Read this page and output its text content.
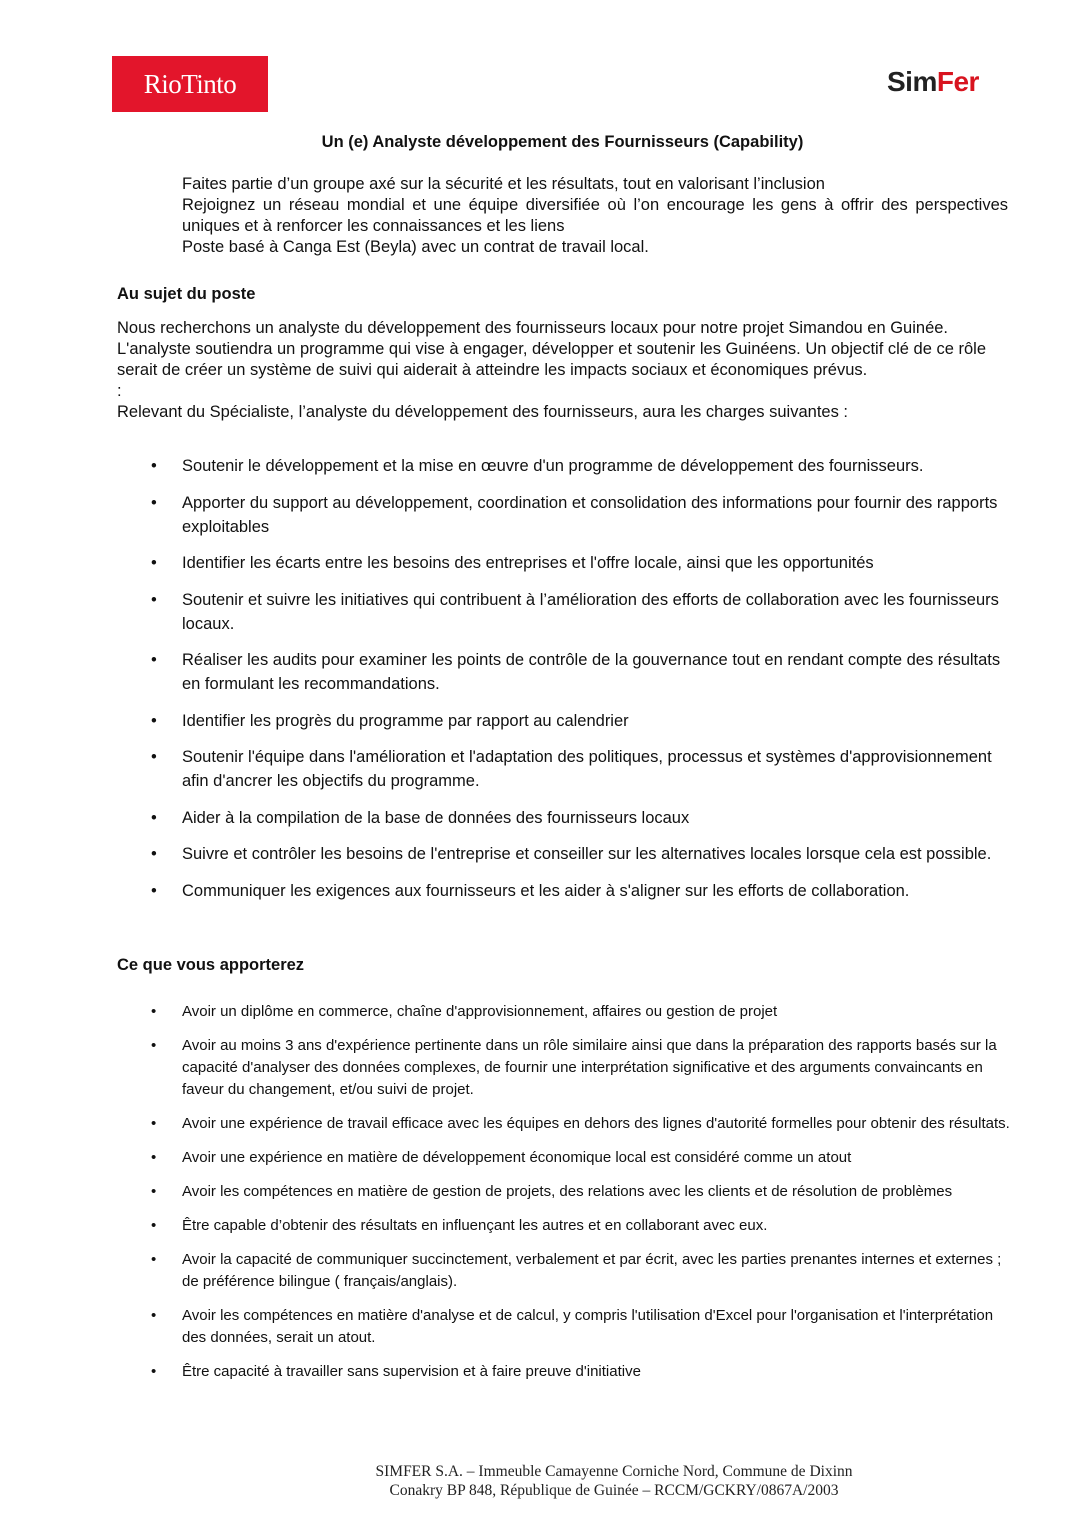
RioTinto	SimFer
Un (e) Analyste développement des Fournisseurs (Capability)

Faites partie d’un groupe axé sur la sécurité et les résultats, tout en valorisant l’inclusion

Rejoignez un réseau mondial et une équipe diversifiée où l’on encourage les gens à offrir des perspectives uniques et à renforcer les connaissances et les liens

Poste basé à Canga Est (Beyla) avec un contrat de travail local.

Au sujet du poste

Nous recherchons un analyste du développement des fournisseurs locaux pour notre projet Simandou en Guinée. L'analyste soutiendra un programme qui vise à engager, développer et soutenir les Guinéens. Un objectif clé de ce rôle serait de créer un système de suivi qui aiderait à atteindre les impacts sociaux et économiques prévus.

:

Relevant du Spécialiste, l’analyste du développement des fournisseurs, aura les charges suivantes :

• Soutenir le développement et la mise en œuvre d'un programme de développement des fournisseurs.
• Apporter du support au développement, coordination et consolidation des informations pour fournir des rapports exploitables
• Identifier les écarts entre les besoins des entreprises et l'offre locale, ainsi que les opportunités
• Soutenir et suivre les initiatives qui contribuent à l’amélioration des efforts de collaboration avec les fournisseurs locaux.
• Réaliser les audits pour examiner les points de contrôle de la gouvernance tout en rendant compte des résultats en formulant les recommandations.
• Identifier les progrès du programme par rapport au calendrier
• Soutenir l'équipe dans l'amélioration et l'adaptation des politiques, processus et systèmes d'approvisionnement afin d'ancrer les objectifs du programme.
• Aider à la compilation de la base de données des fournisseurs locaux
• Suivre et contrôler les besoins de l'entreprise et conseiller sur les alternatives locales lorsque cela est possible.
• Communiquer les exigences aux fournisseurs et les aider à s'aligner sur les efforts de collaboration.
Ce que vous apporterez
• Avoir un diplôme en commerce, chaîne d'approvisionnement, affaires ou gestion de projet
• Avoir au moins 3 ans d'expérience pertinente dans un rôle similaire ainsi que dans la préparation des rapports basés sur la capacité d'analyser des données complexes, de fournir une interprétation significative et des arguments convaincants en faveur du changement, et/ou suivi de projet.
• Avoir une expérience de travail efficace avec les équipes en dehors des lignes d'autorité formelles pour obtenir des résultats.
• Avoir une expérience en matière de développement économique local est considéré comme un atout
• Avoir les compétences en matière de gestion de projets, des relations avec les clients et de résolution de problèmes
• Être capable d’obtenir des résultats en influençant les autres et en collaborant avec eux.
• Avoir la capacité de communiquer succinctement, verbalement et par écrit, avec les parties prenantes internes et externes ; de préférence bilingue ( français/anglais).
• Avoir les compétences en matière d'analyse et de calcul, y compris l'utilisation d'Excel pour l'organisation et l'interprétation des données, serait un atout.
• Être capacité à travailler sans supervision et à faire preuve d'initiative
SIMFER S.A. – Immeuble Camayenne Corniche Nord, Commune de Dixinn
Conakry BP 848, République de Guinée – RCCM/GCKRY/0867A/2003
